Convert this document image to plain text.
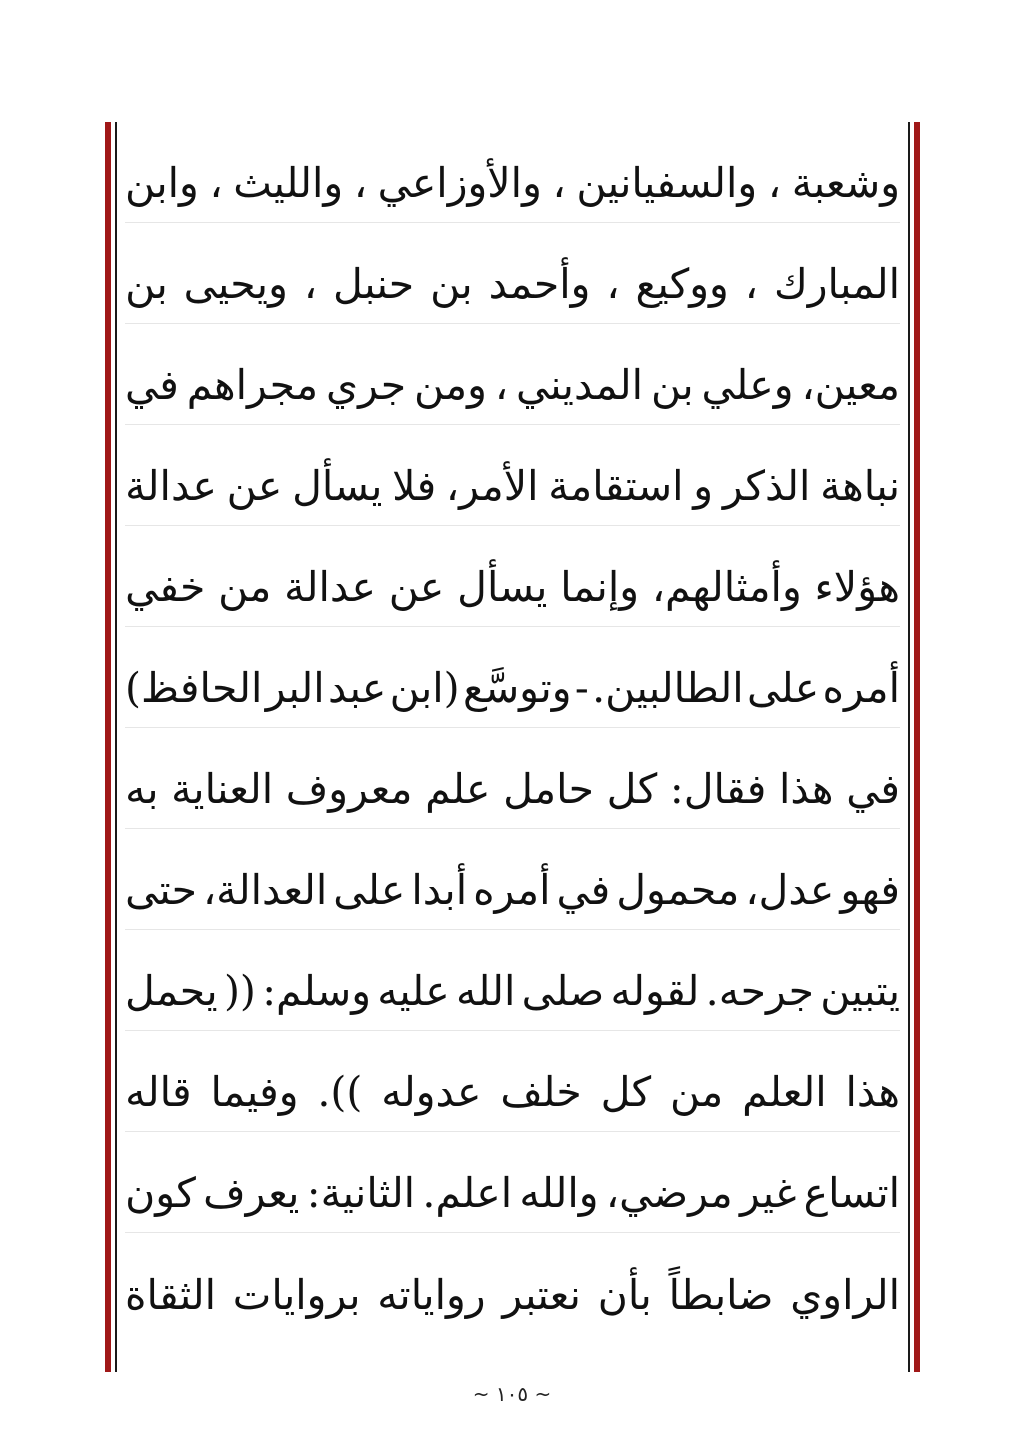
وشعبة
،
والسفيانين
،
والأوزاعي
،
والليث
،
وابن
المبارك
،
ووكيع
،
وأحمد
بن
حنبل
،
ويحيى
بن
معين،
وعلي
بن
المديني
،
ومن
جري
مجراهم
في
نباهة
الذكر
و
استقامة
الأمر،
فلا
يسأل
عن
عدالة
هؤلاء
وأمثالهم،
وإنما
يسأل
عن
عدالة
من
خفي
أمره
على
الطالبين.
-
وتوسَّع
(ابن
عبد
البر
الحافظ)
في
هذا
فقال:
كل
حامل
علم
معروف
العناية
به
فهو
عدل،
محمول
في
أمره
أبدا
على
العدالة،
حتى
يتبين
جرحه.
لقوله
صلى
الله
عليه
وسلم:
((
يحمل
هذا
العلم
من
كل
خلف
عدوله
)).
وفيما
قاله
اتساع
غير
مرضي،
والله
اعلم.
الثانية:
يعرف
كون
الراوي
ضابطاً
بأن
نعتبر
رواياته
بروايات
الثقاة
~ ١٠٥ ~
